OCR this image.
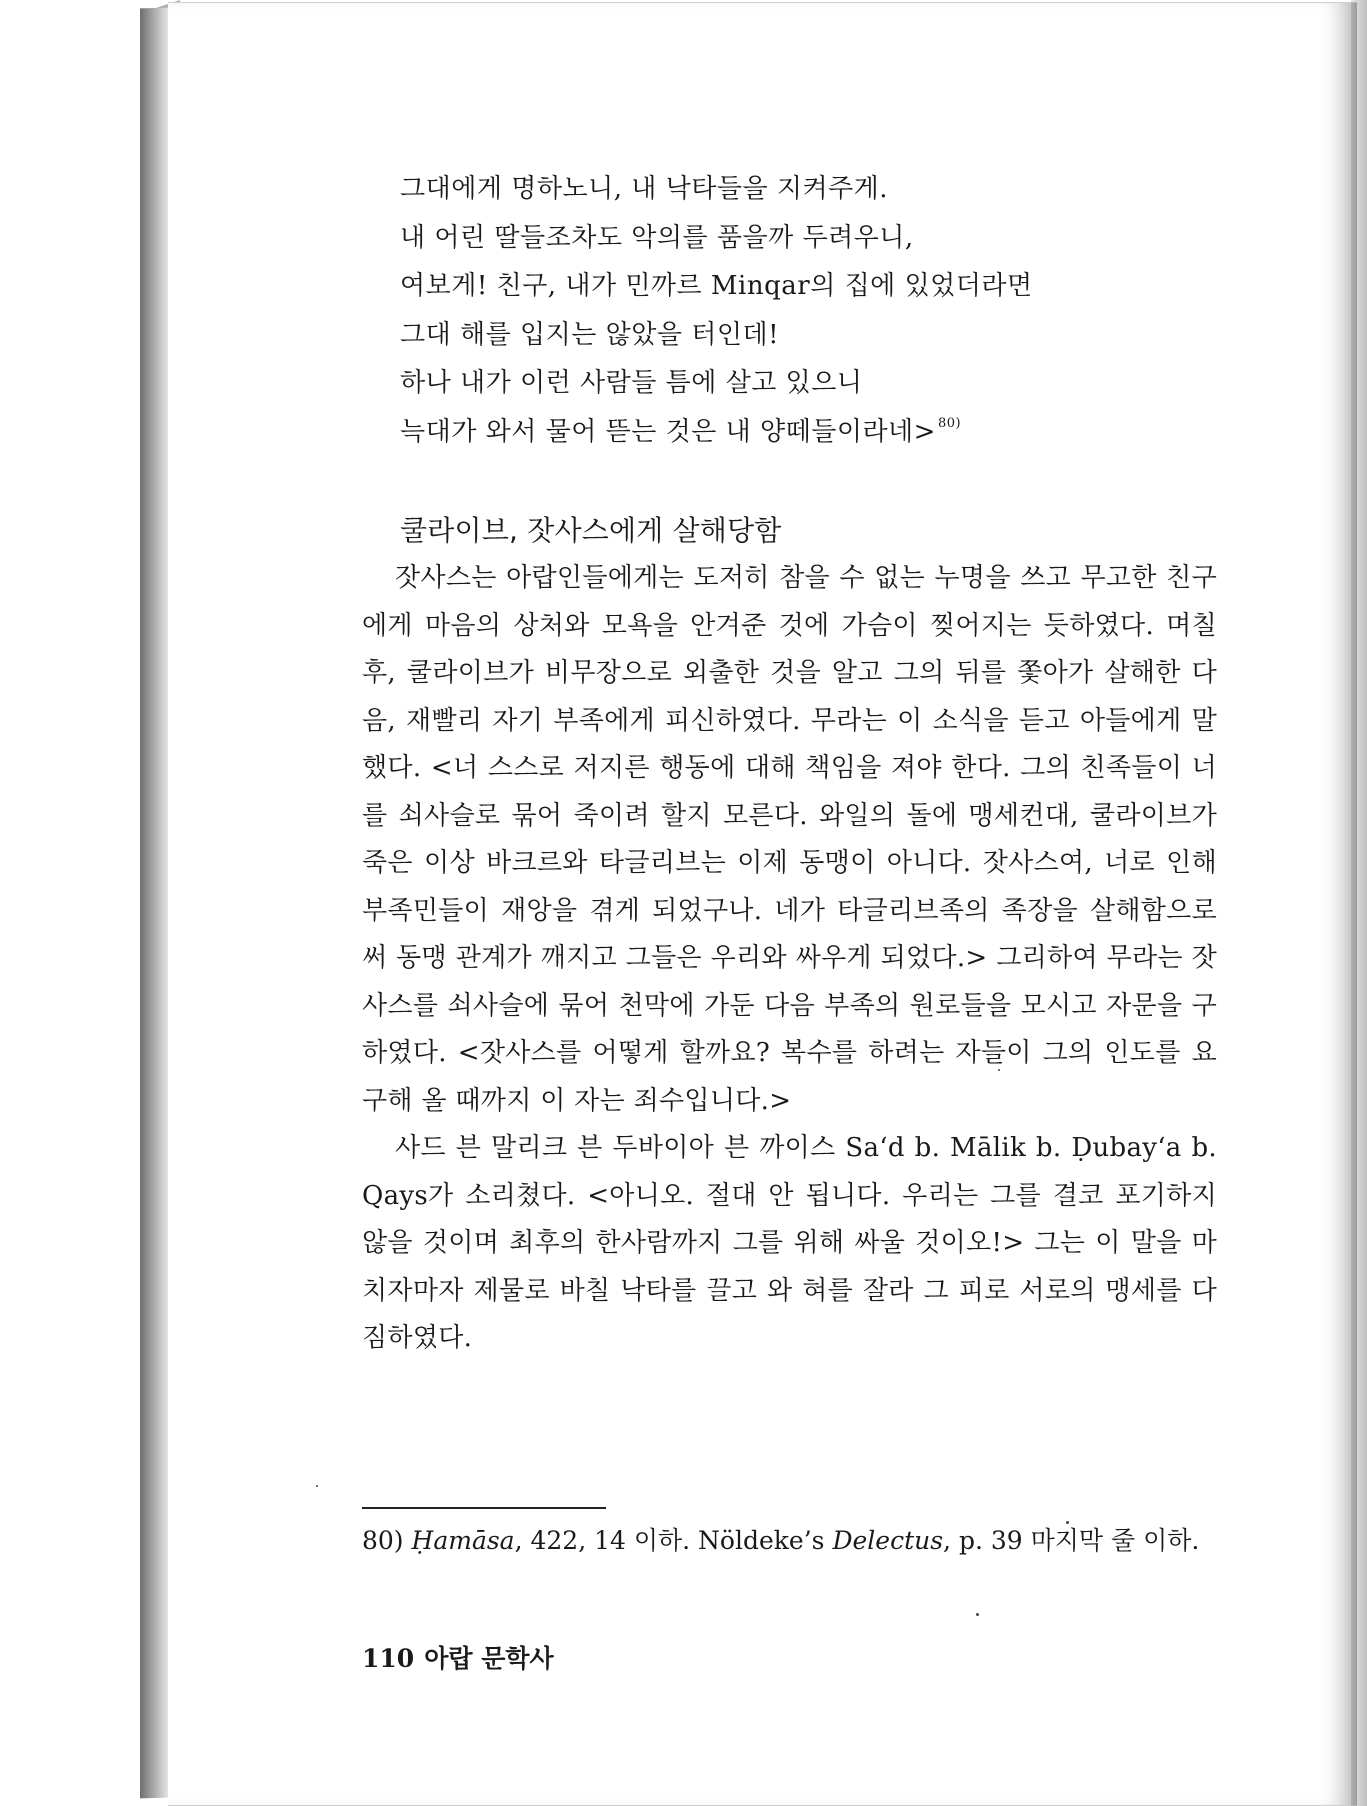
그대에게 명하노니, 내 낙타들을 지켜주게.
내 어린 딸들조차도 악의를 품을까 두려우니,
여보게! 친구, 내가 민까르 Minqar의 집에 있었더라면
그대 해를 입지는 않았을 터인데!
하나 내가 이런 사람들 틈에 살고 있으니
늑대가 와서 물어 뜯는 것은 내 양떼들이라네> $^{80)}$
쿨라이브, 잣사스에게 살해당함

잣사스는 아랍인들에게는 도저히 참을 수 없는 누명을 쓰고 무고한 친구에게 마음의 상처와 모욕을 안겨준 것에 가슴이 찢어지는 듯하였다. 며칠 후, 쿨라이브가 비무장으로 외출한 것을 알고 그의 뒤를 쫓아가 살해한 다음, 재빨리 자기 부족에게 피신하였다. 무라는 이 소식을 듣고 아들에게 말했다. <너 스스로 저지른 행동에 대해 책임을 져야 한다. 그의 친족들이 너를 쇠사슬로 묶어 죽이려 할지 모른다. 와일의 돌에 맹세컨대, 쿨라이브가 죽은 이상 바크르와 타글리브는 이제 동맹이 아니다. 잣사스여, 너로 인해 부족민들이 재앙을 겪게 되었구나. 네가 타글리브족의 족장을 살해함으로써 동맹 관계가 깨지고 그들은 우리와 싸우게 되었다.> 그리하여 무라는 잣사스를 쇠사슬에 묶어 천막에 가둔 다음 부족의 원로들을 모시고 자문을 구하였다. <잣사스를 어떻게 할까요? 복수를 하려는 자들이 그의 인도를 요구해 올 때까지 이 자는 죄수입니다.>

사드 븐 말리크 븐 두바이아 븐 까이스 Sa‘d b. Mālik b. Ḍubay‘a b. Qays가 소리쳤다. <아니오. 절대 안 됩니다. 우리는 그를 결코 포기하지 않을 것이며 최후의 한사람까지 그를 위해 싸울 것이오!> 그는 이 말을 마치자마자 제물로 바칠 낙타를 끌고 와 혀를 잘라 그 피로 서로의 맹세를 다짐하였다.

80) Ḥamāsa, 422, 14 이하. Nöldeke’s Delectus, p. 39 마지막 줄 이하.
110 아랍 문학사
